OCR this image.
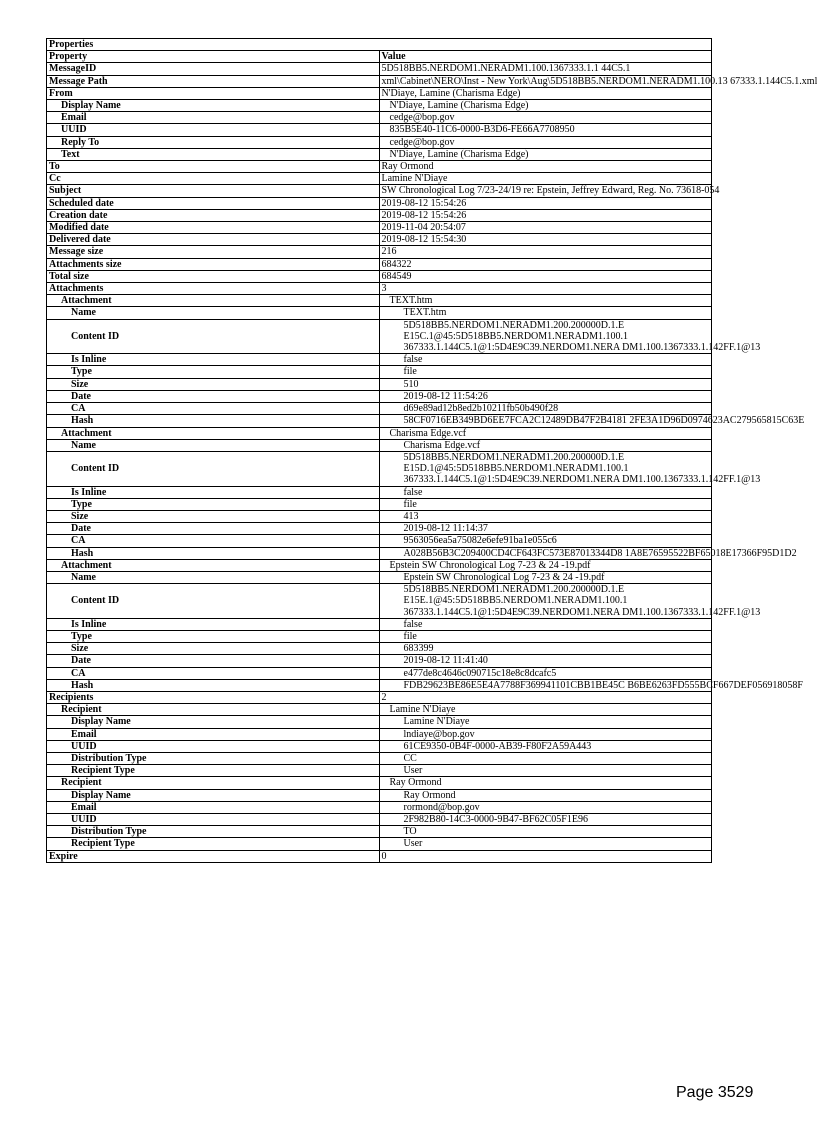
Properties	
Property	Value
MessageID	5D518BB5.NERDOM1.NERADM1.100.1367333.1.1 44C5.1
Message Path	xml\Cabinet\NERO\Inst - New York\Aug\5D518BB5.NERDOM1.NERADM1.100.13 67333.1.144C5.1.xml
From	N'Diaye, Lamine (Charisma Edge)
Display Name	N'Diaye, Lamine (Charisma Edge)
Email	cedge@bop.gov
UUID	835B5E40-11C6-0000-B3D6-FE66A7708950
Reply To	cedge@bop.gov
Text	N'Diaye, Lamine (Charisma Edge)
To	Ray Ormond
Cc	Lamine N'Diaye
Subject	SW Chronological Log 7/23-24/19 re: Epstein, Jeffrey Edward, Reg. No. 73618-054
Scheduled date	2019-08-12 15:54:26
Creation date	2019-08-12 15:54:26
Modified date	2019-11-04 20:54:07
Delivered date	2019-08-12 15:54:30
Message size	216
Attachments size	684322
Total size	684549
Attachments	3
Attachment	TEXT.htm
Name	TEXT.htm
Content ID	5D518BB5.NERDOM1.NERADM1.200.200000D.1.E
E15C.1@45:5D518BB5.NERDOM1.NERADM1.100.1
367333.1.144C5.1@1:5D4E9C39.NERDOM1.NERA DM1.100.1367333.1.142FF.1@13
Is Inline	false
Type	file
Size	510
Date	2019-08-12 11:54:26
CA	d69e89ad12b8ed2b10211fb50b490f28
Hash	58CF0716EB349BD6EE7FCA2C12489DB47F2B4181 2FE3A1D96D0974623AC279565815C63E
Attachment	Charisma Edge.vcf
Name	Charisma Edge.vcf
Content ID	5D518BB5.NERDOM1.NERADM1.200.200000D.1.E
E15D.1@45:5D518BB5.NERDOM1.NERADM1.100.1
367333.1.144C5.1@1:5D4E9C39.NERDOM1.NERA DM1.100.1367333.1.142FF.1@13
Is Inline	false
Type	file
Size	413
Date	2019-08-12 11:14:37
CA	9563056ea5a75082e6efe91ba1e055c6
Hash	A028B56B3C209400CD4CF643FC573E87013344D8 1A8E76595522BF65018E17366F95D1D2
Attachment	Epstein SW Chronological Log 7-23 & 24 -19.pdf
Name	Epstein SW Chronological Log 7-23 & 24 -19.pdf
Content ID	5D518BB5.NERDOM1.NERADM1.200.200000D.1.E
E15E.1@45:5D518BB5.NERDOM1.NERADM1.100.1
367333.1.144C5.1@1:5D4E9C39.NERDOM1.NERA DM1.100.1367333.1.142FF.1@13
Is Inline	false
Type	file
Size	683399
Date	2019-08-12 11:41:40
CA	e477de8c4646c090715c18e8c8dcafc5
Hash	FDB29623BE86E5E4A7788F369941101CBB1BE45C B6BE6263FD555BCF667DEF056918058F
Recipients	2
Recipient	Lamine N'Diaye
Display Name	Lamine N'Diaye
Email	lndiaye@bop.gov
UUID	61CE9350-0B4F-0000-AB39-F80F2A59A443
Distribution Type	CC
Recipient Type	User
Recipient	Ray Ormond
Display Name	Ray Ormond
Email	rormond@bop.gov
UUID	2F982B80-14C3-0000-9B47-BF62C05F1E96
Distribution Type	TO
Recipient Type	User
Expire	0
Page 3529
